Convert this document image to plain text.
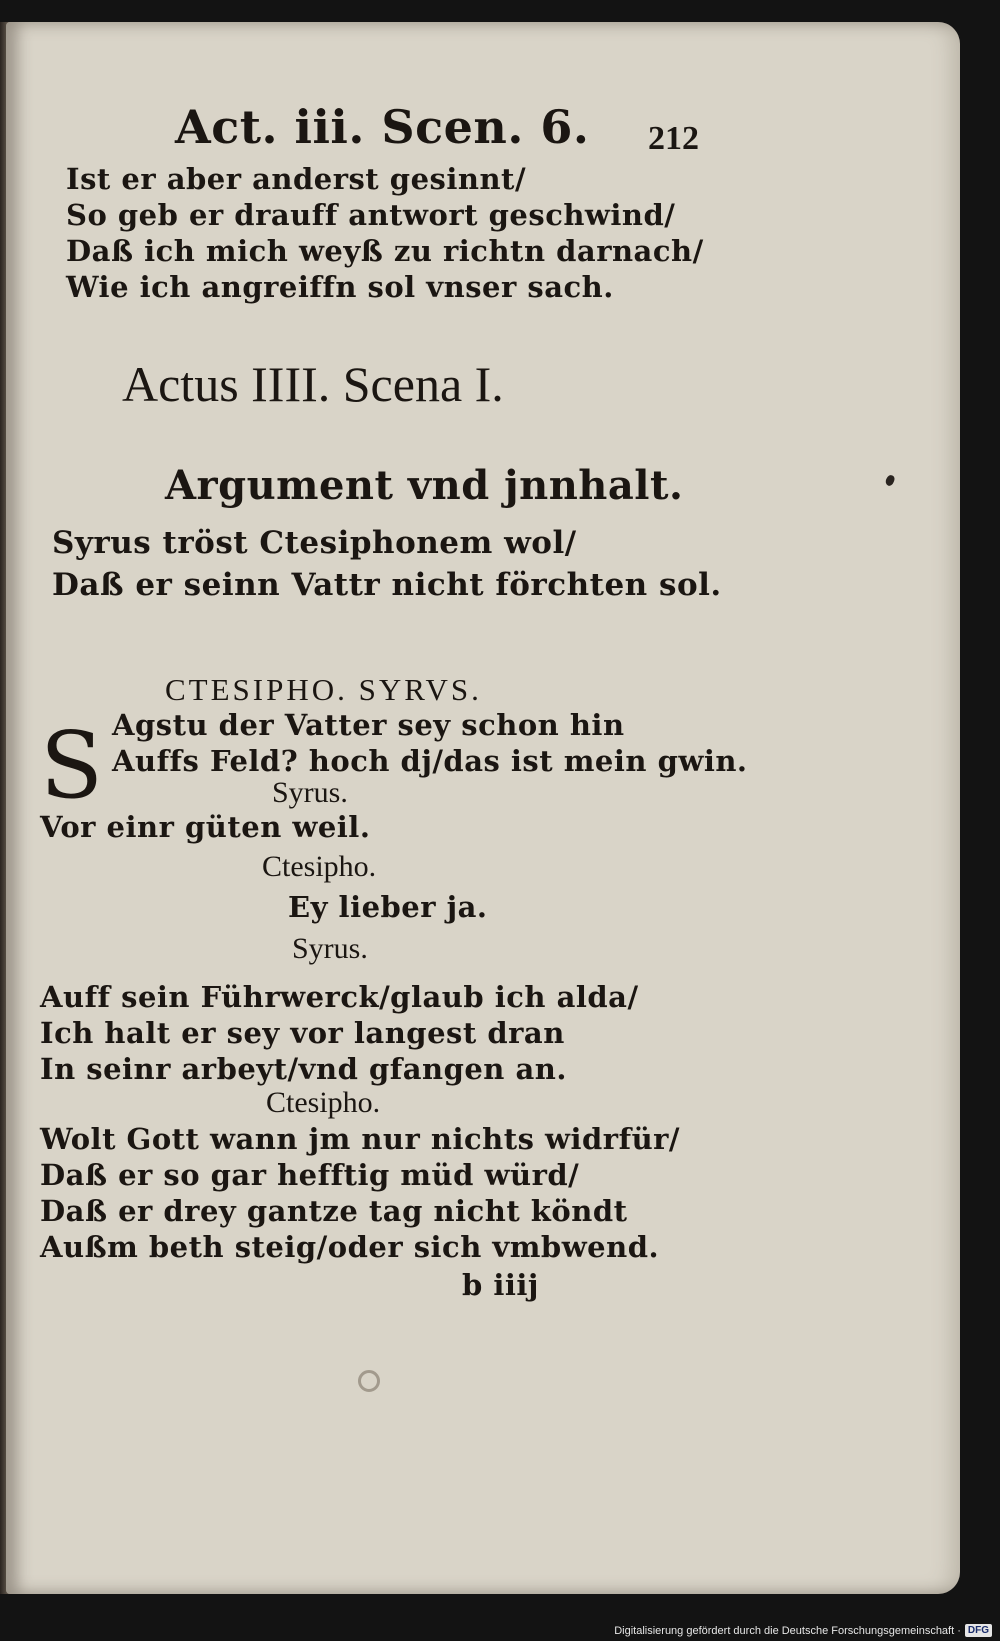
Act. iii. Scen. 6. 212
Ist er aber anderst gesinnt/
So geb er drauff antwort geschwind/
Daß ich mich weyß zu richtn darnach/
Wie ich angreiffn sol vnser sach.
Actus IIII. Scena I.
Argument vnd jnnhalt.
Syrus tröst Ctesiphonem wol/
Daß er seinn Vattr nicht förchten sol.
CTESIPHO. SYRVS.
S Agstu der Vatter sey schon hin
Auffs Feld? hoch dj/das ist mein gwin.
Syrus.
Vor einr güten weil.
Ctesipho.
Ey lieber ja.
Syrus.
Auff sein Führwerck/glaub ich alda/
Ich halt er sey vor langest dran
In seinr arbeyt/vnd gfangen an.
Ctesipho.
Wolt Gott wann jm nur nichts widrfür/
Daß er so gar hefftig müd würd/
Daß er drey gantze tag nicht köndt
Außm beth steig/oder sich vmbwend.
b iiij
Digitalisierung gefördert durch die Deutsche Forschungsgemeinschaft · DFG
